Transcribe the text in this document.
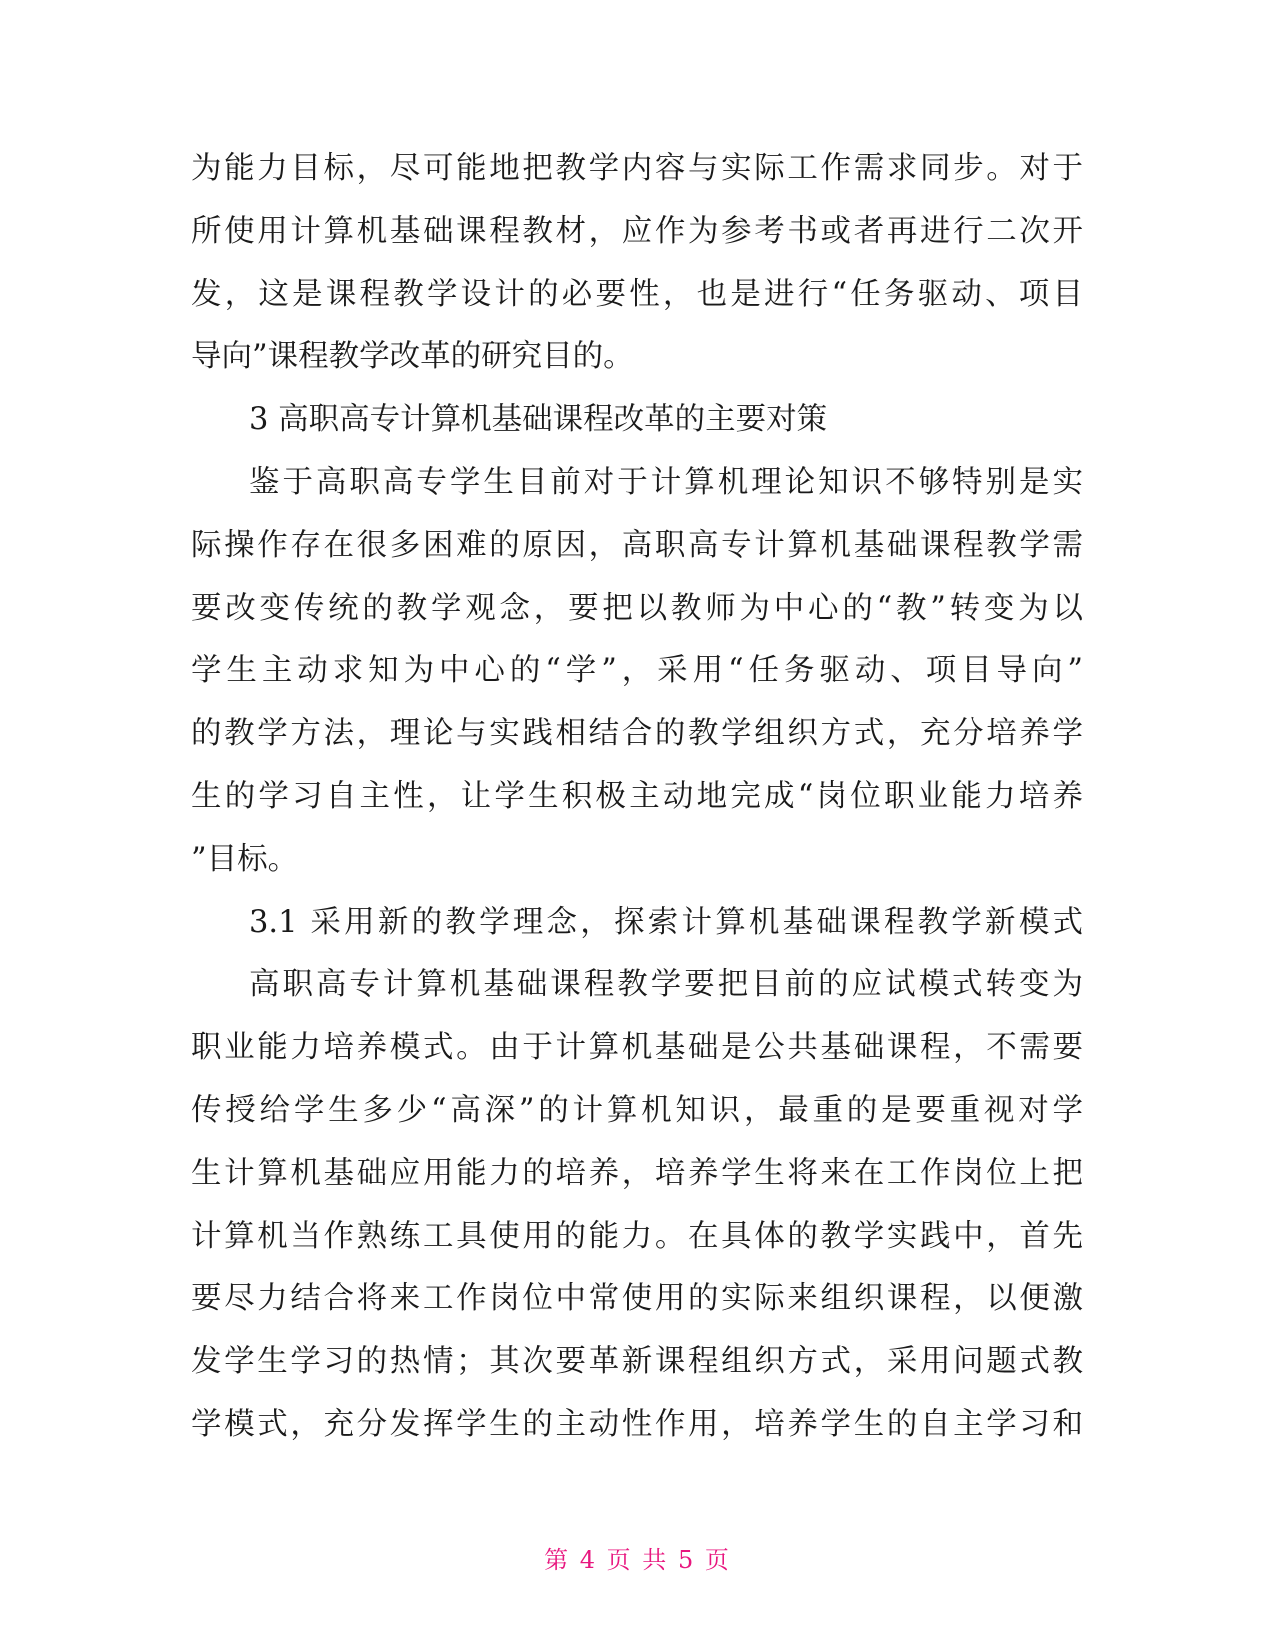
为能力目标，尽可能地把教学内容与实际工作需求同步。对于
所使用计算机基础课程教材，应作为参考书或者再进行二次开
发，这是课程教学设计的必要性，也是进行“任务驱动、项目
导向”课程教学改革的研究目的。
3 高职高专计算机基础课程改革的主要对策
鉴于高职高专学生目前对于计算机理论知识不够特别是实
际操作存在很多困难的原因，高职高专计算机基础课程教学需
要改变传统的教学观念，要把以教师为中心的“教”转变为以
学生主动求知为中心的“学”，采用“任务驱动、项目导向”
的教学方法，理论与实践相结合的教学组织方式，充分培养学
生的学习自主性，让学生积极主动地完成“岗位职业能力培养
”目标。
3.1 采用新的教学理念，探索计算机基础课程教学新模式
高职高专计算机基础课程教学要把目前的应试模式转变为
职业能力培养模式。由于计算机基础是公共基础课程，不需要
传授给学生多少“高深”的计算机知识，最重的是要重视对学
生计算机基础应用能力的培养，培养学生将来在工作岗位上把
计算机当作熟练工具使用的能力。在具体的教学实践中，首先
要尽力结合将来工作岗位中常使用的实际来组织课程，以便激
发学生学习的热情；其次要革新课程组织方式，采用问题式教
学模式，充分发挥学生的主动性作用，培养学生的自主学习和
第 4 页 共 5 页
